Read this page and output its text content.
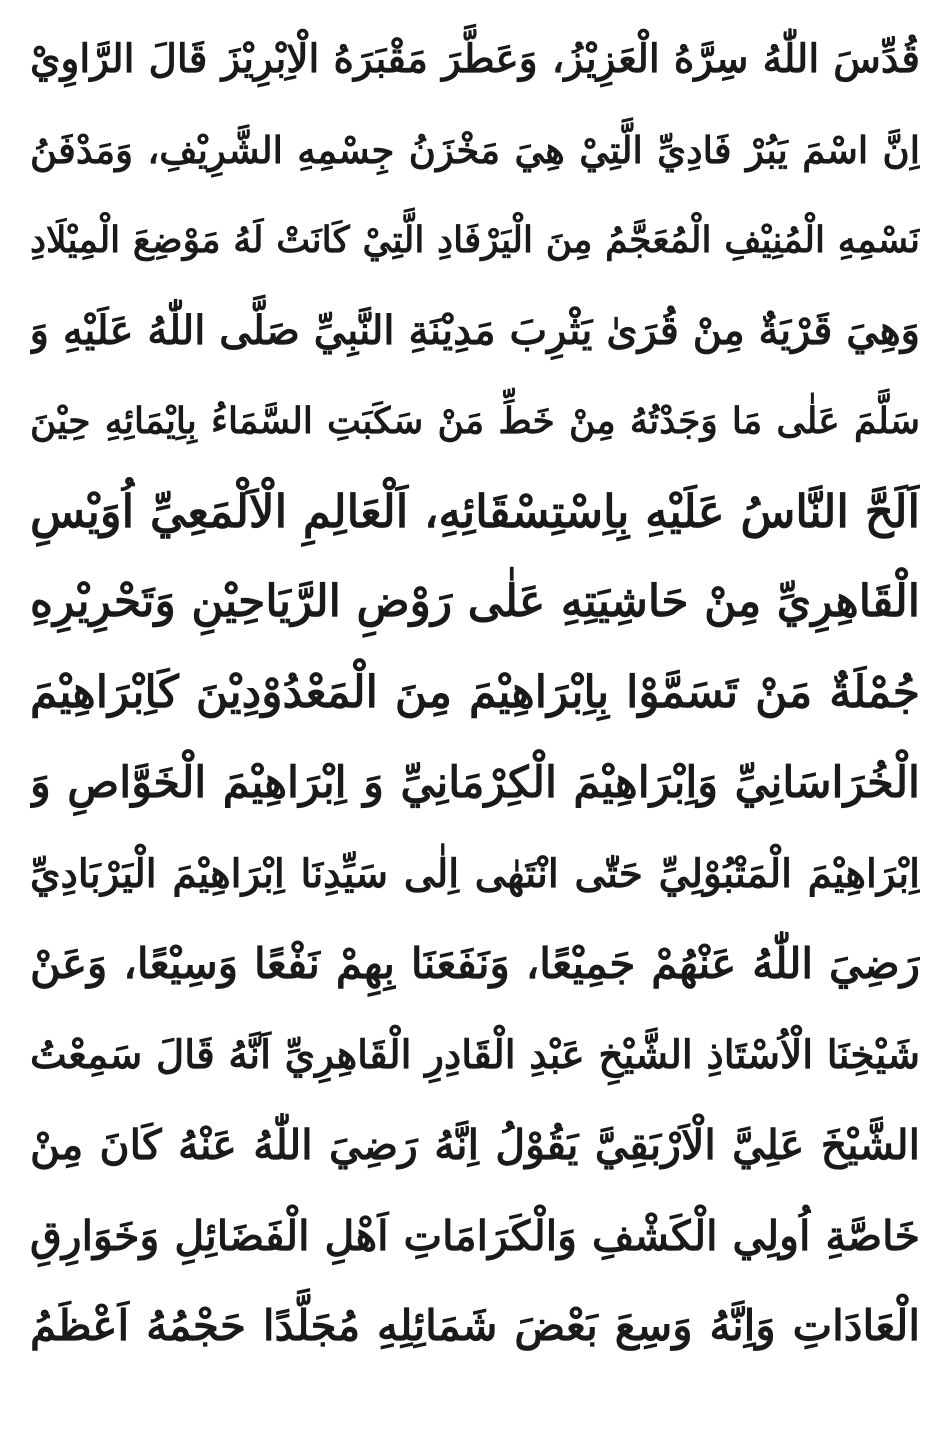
قُدِّسَ اللّٰهُ سِرَّهُ الْعَزِيْزُ، وَعَطَّرَ مَقْبَرَهُ الْاِبْرِيْزَ قَالَ الرَّاوِيْ
اِنَّ اسْمَ يَبُرْ فَادِيِّ الَّتِيْ هِيَ مَخْزَنُ جِسْمِهِ الشَّرِيْفِ، وَمَدْفَنُ
نَسْمِهِ الْمُنِيْفِ الْمُعَجَّمُ مِنَ الْيَرْفَادِ الَّتِيْ كَانَتْ لَهُ مَوْضِعَ الْمِيْلَادِ
وَهِيَ قَرْيَةٌ مِنْ قُرَىٰ يَثْرِبَ مَدِيْنَةِ النَّبِيِّ صَلَّى اللّٰهُ عَلَيْهِ وَ
سَلَّمَ عَلٰى مَا وَجَدْتُهُ مِنْ خَطِّ مَنْ سَكَبَتِ السَّمَاءُ بِاِيْمَائِهِ حِيْنَ
اَلَحَّ النَّاسُ عَلَيْهِ بِاِسْتِسْقَائِهِ، اَلْعَالِمِ الْاَلْمَعِيِّ اُوَيْسِ
الْقَاهِرِيِّ مِنْ حَاشِيَتِهِ عَلٰى رَوْضِ الرَّيَاحِيْنِ وَتَحْرِيْرِهِ
جُمْلَةٌ مَنْ تَسَمَّوْا بِاِبْرَاهِيْمَ مِنَ الْمَعْدُوْدِيْنَ كَاِبْرَاهِيْمَ
الْخُرَاسَانِيِّ وَاِبْرَاهِيْمَ الْكِرْمَانِيِّ وَ اِبْرَاهِيْمَ الْخَوَّاصِ وَ
اِبْرَاهِيْمَ الْمَتْبُوْلِيِّ حَتّٰى انْتَهٰى اِلٰى سَيِّدِنَا اِبْرَاهِيْمَ الْيَرْبَادِيِّ
رَضِيَ اللّٰهُ عَنْهُمْ جَمِيْعًا، وَنَفَعَنَا بِهِمْ نَفْعًا وَسِيْعًا، وَعَنْ
شَيْخِنَا الْاُسْتَاذِ الشَّيْخِ عَبْدِ الْقَادِرِ الْقَاهِرِيِّ اَنَّهُ قَالَ سَمِعْتُ
الشَّيْخَ عَلِيَّ الْاَرْبَقِيَّ يَقُوْلُ اِنَّهُ رَضِيَ اللّٰهُ عَنْهُ كَانَ مِنْ
خَاصَّةِ اُولِي الْكَشْفِ وَالْكَرَامَاتِ اَهْلِ الْفَضَائِلِ وَخَوَارِقِ
الْعَادَاتِ وَاِنَّهُ وَسِعَ بَعْضَ شَمَائِلِهِ مُجَلَّدًا حَجْمُهُ اَعْظَمُ
